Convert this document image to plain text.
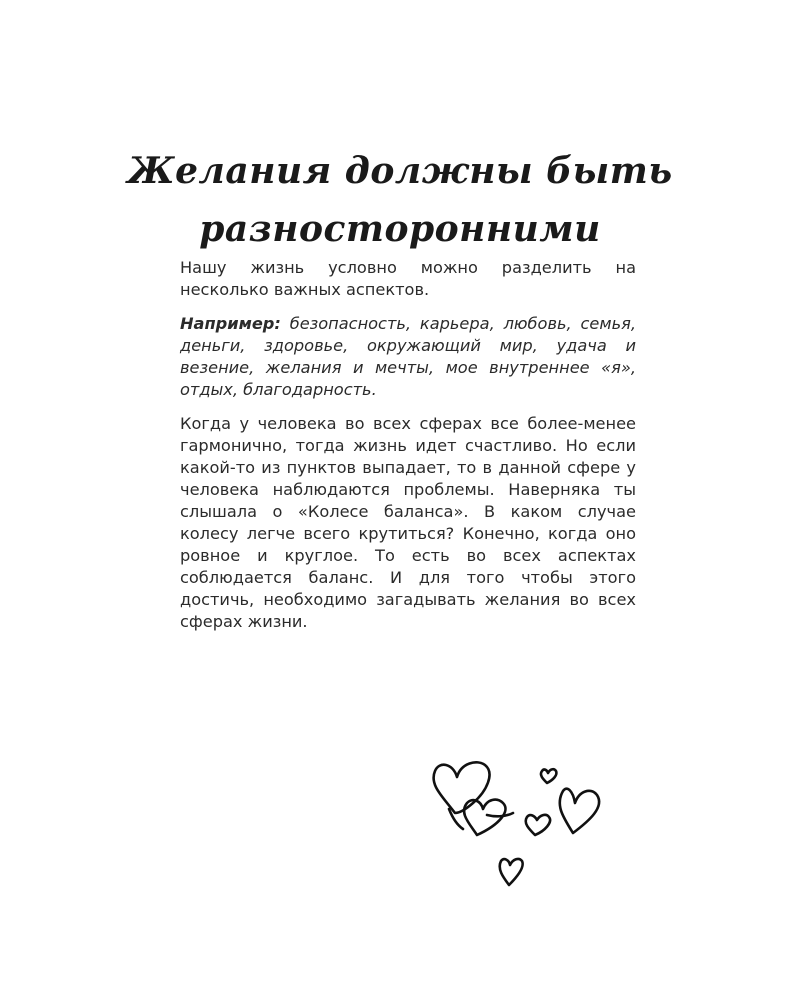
Желания должны быть
разносторонними

Нашу жизнь условно можно разделить на несколько важных аспектов.

Например: безопасность, карьера, любовь, семья, деньги, здоровье, окружающий мир, удача и везение, желания и мечты, мое внутреннее «я», отдых, благодарность.

Когда у человека во всех сферах все более-менее гармонично, тогда жизнь идет счастливо. Но если какой-то из пунктов выпадает, то в данной сфере у человека наблюдаются проблемы. Наверняка ты слышала о «Колесе баланса». В каком случае колесу легче всего крутиться? Конечно, когда оно ровное и круглое. То есть во всех аспектах соблюдается баланс. И для того чтобы этого достичь, необходимо загадывать желания во всех сферах жизни.
